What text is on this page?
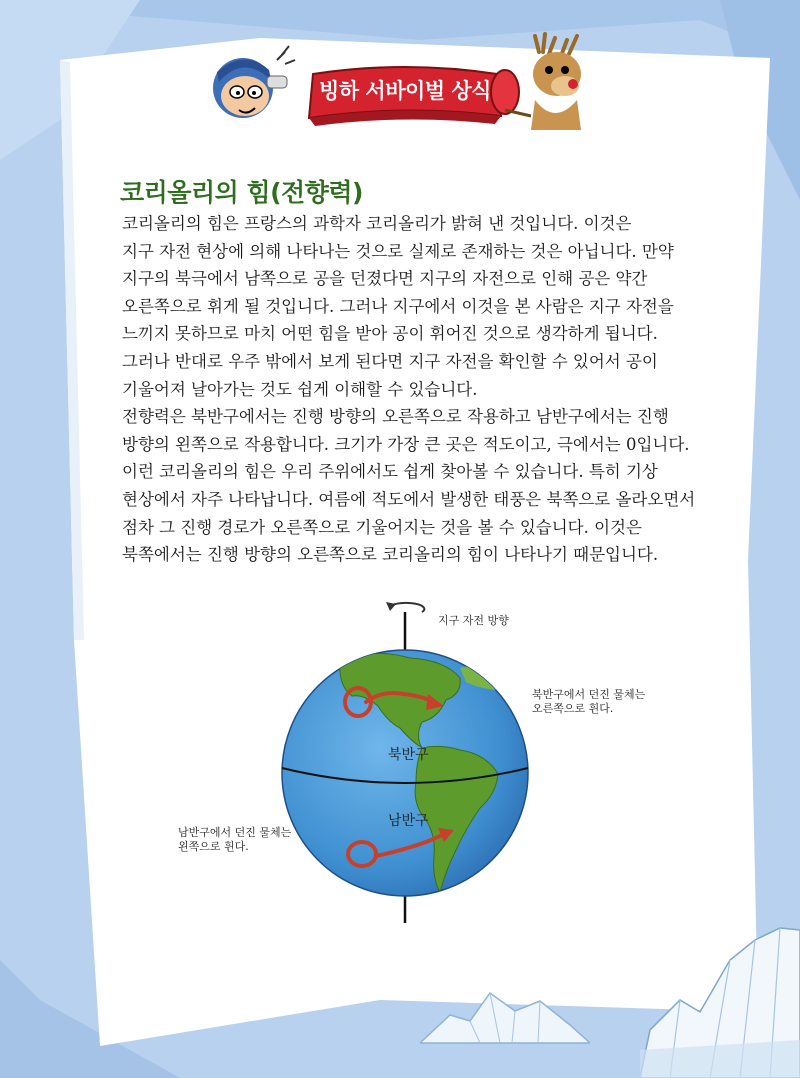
빙하 서바이벌 상식
코리올리의 힘(전향력)
코리올리의 힘은 프랑스의 과학자 코리올리가 밝혀 낸 것입니다. 이것은
지구 자전 현상에 의해 나타나는 것으로 실제로 존재하는 것은 아닙니다. 만약
지구의 북극에서 남쪽으로 공을 던졌다면 지구의 자전으로 인해 공은 약간
오른쪽으로 휘게 될 것입니다. 그러나 지구에서 이것을 본 사람은 지구 자전을
느끼지 못하므로 마치 어떤 힘을 받아 공이 휘어진 것으로 생각하게 됩니다.
그러나 반대로 우주 밖에서 보게 된다면 지구 자전을 확인할 수 있어서 공이
기울어져 날아가는 것도 쉽게 이해할 수 있습니다.
전향력은 북반구에서는 진행 방향의 오른쪽으로 작용하고 남반구에서는 진행
방향의 왼쪽으로 작용합니다. 크기가 가장 큰 곳은 적도이고, 극에서는 0입니다.
이런 코리올리의 힘은 우리 주위에서도 쉽게 찾아볼 수 있습니다. 특히 기상
현상에서 자주 나타납니다. 여름에 적도에서 발생한 태풍은 북쪽으로 올라오면서
점차 그 진행 경로가 오른쪽으로 기울어지는 것을 볼 수 있습니다. 이것은
북쪽에서는 진행 방향의 오른쪽으로 코리올리의 힘이 나타나기 때문입니다.
지구 자전 방향
북반구에서 던진 물체는
오른쪽으로 휜다.
남반구에서 던진 물체는
왼쪽으로 휜다.
북반구
남반구
